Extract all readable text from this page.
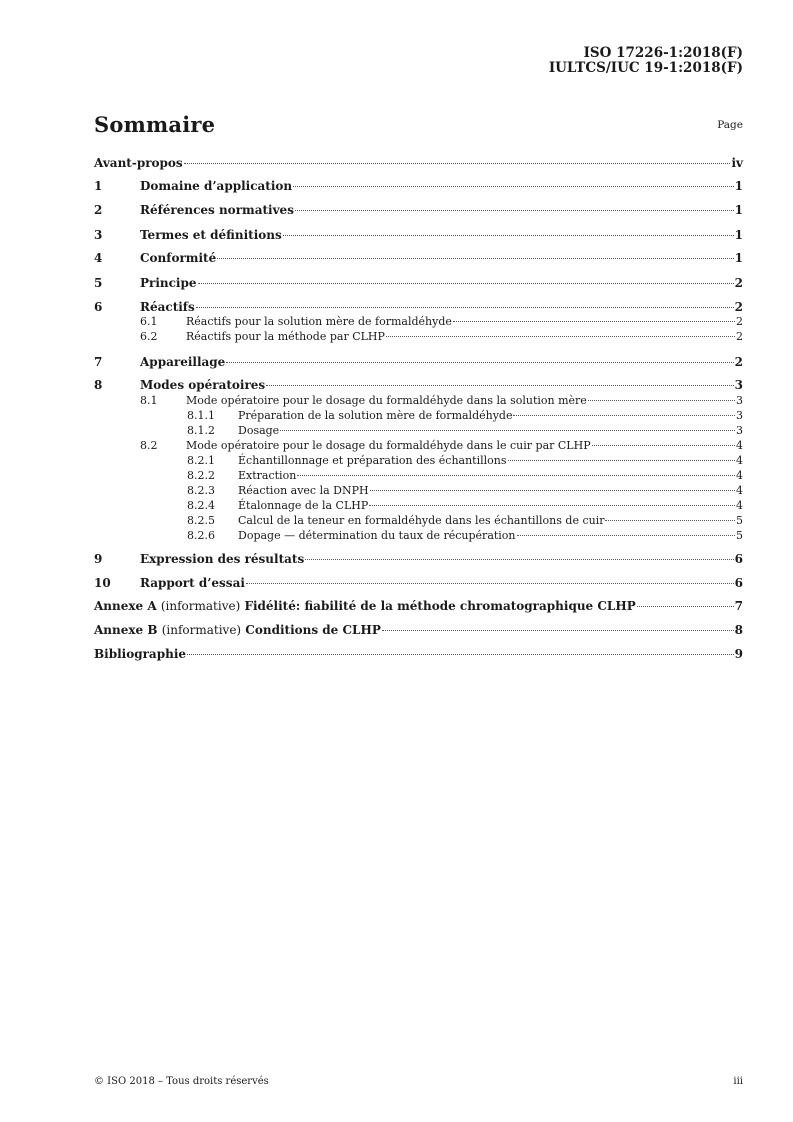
ISO 17226-1:2018(F)
IULTCS/IUC 19-1:2018(F)
Sommaire	Page
Avant-propos	iv
1	Domaine d’application	1
2	Références normatives	1
3	Termes et définitions	1
4	Conformité	1
5	Principe	2
6	Réactifs	2
6.1	Réactifs pour la solution mère de formaldéhyde	2
6.2	Réactifs pour la méthode par CLHP	2
7	Appareillage	2
8	Modes opératoires	3
8.1	Mode opératoire pour le dosage du formaldéhyde dans la solution mère	3
8.1.1	Préparation de la solution mère de formaldéhyde	3
8.1.2	Dosage	3
8.2	Mode opératoire pour le dosage du formaldéhyde dans le cuir par CLHP	4
8.2.1	Échantillonnage et préparation des échantillons	4
8.2.2	Extraction	4
8.2.3	Réaction avec la DNPH	4
8.2.4	Étalonnage de la CLHP	4
8.2.5	Calcul de la teneur en formaldéhyde dans les échantillons de cuir	5
8.2.6	Dopage — détermination du taux de récupération	5
9	Expression des résultats	6
10	Rapport d’essai	6
Annexe A (informative) Fidélité: fiabilité de la méthode chromatographique CLHP	7
Annexe B (informative) Conditions de CLHP	8
Bibliographie	9
© ISO 2018 – Tous droits réservés	iii
